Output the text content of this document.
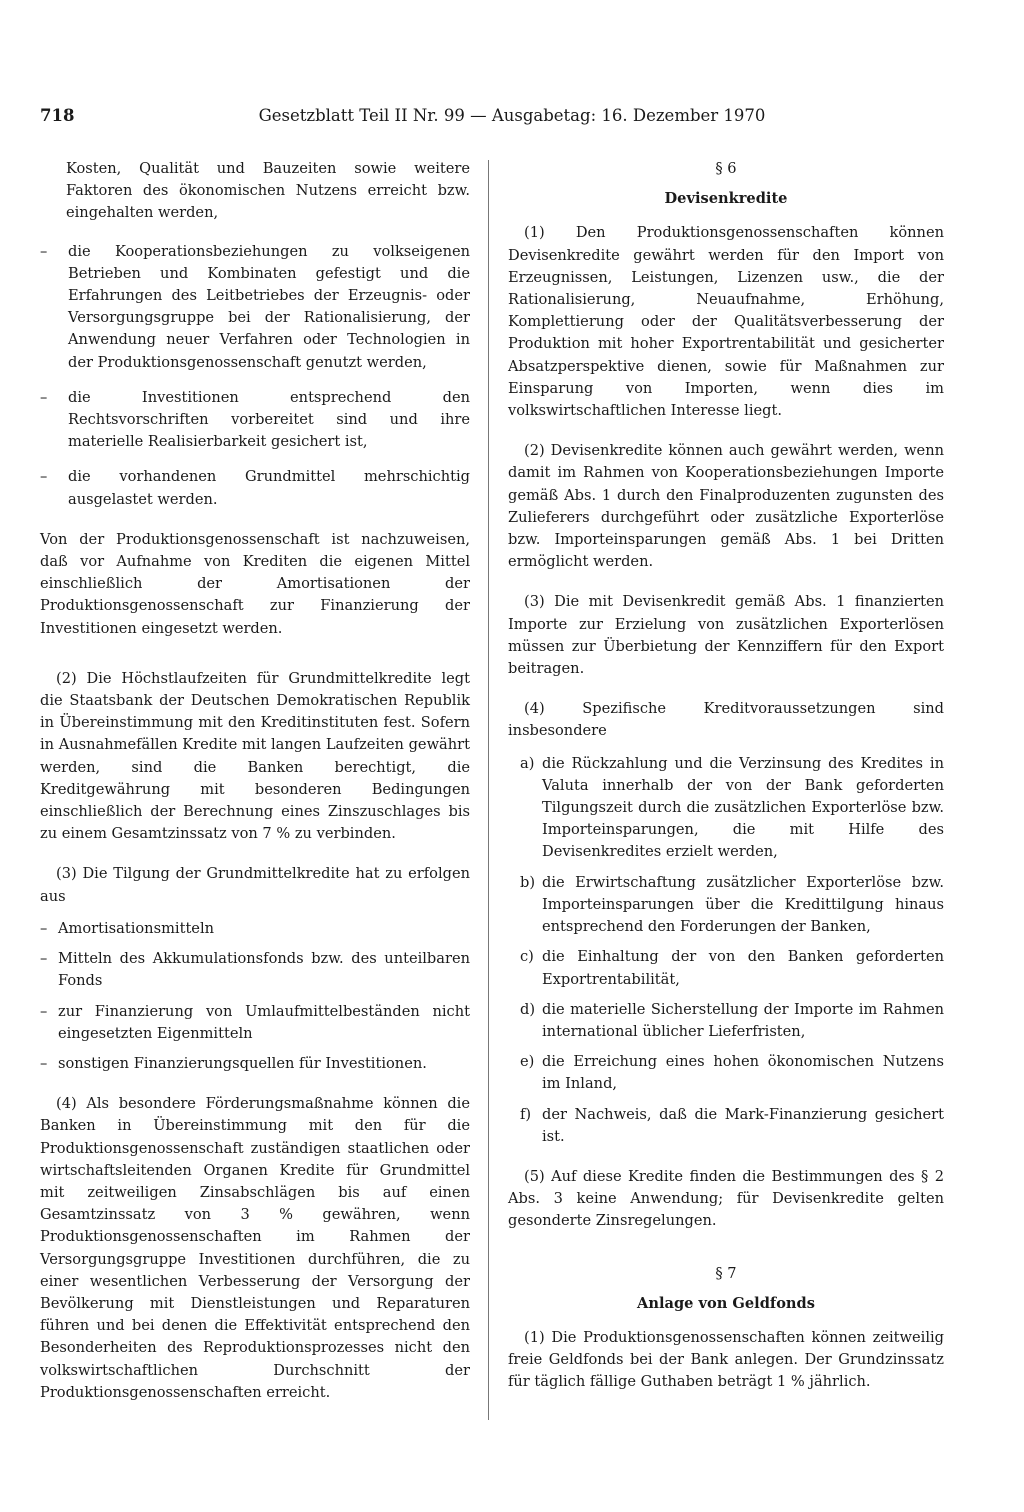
718	Gesetzblatt Teil II Nr. 99 — Ausgabetag: 16. Dezember 1970

Kosten, Qualität und Bauzeiten sowie weitere Faktoren des ökonomischen Nutzens erreicht bzw. eingehalten werden,

– die Kooperationsbeziehungen zu volkseigenen Betrieben und Kombinaten gefestigt und die Erfahrungen des Leitbetriebes der Erzeugnis- oder Versorgungsgruppe bei der Rationalisierung, der Anwendung neuer Verfahren oder Technologien in der Produktionsgenossenschaft genutzt werden,

– die Investitionen entsprechend den Rechtsvorschriften vorbereitet sind und ihre materielle Realisierbarkeit gesichert ist,

– die vorhandenen Grundmittel mehrschichtig ausgelastet werden.

Von der Produktionsgenossenschaft ist nachzuweisen, daß vor Aufnahme von Krediten die eigenen Mittel einschließlich der Amortisationen der Produktionsgenossenschaft zur Finanzierung der Investitionen eingesetzt werden.

(2) Die Höchstlaufzeiten für Grundmittelkredite legt die Staatsbank der Deutschen Demokratischen Republik in Übereinstimmung mit den Kreditinstituten fest. Sofern in Ausnahmefällen Kredite mit langen Laufzeiten gewährt werden, sind die Banken berechtigt, die Kreditgewährung mit besonderen Bedingungen einschließlich der Berechnung eines Zinszuschlages bis zu einem Gesamtzinssatz von 7 % zu verbinden.

(3) Die Tilgung der Grundmittelkredite hat zu erfolgen aus

– Amortisationsmitteln

– Mitteln des Akkumulationsfonds bzw. des unteilbaren Fonds

– zur Finanzierung von Umlaufmittelbeständen nicht eingesetzten Eigenmitteln

– sonstigen Finanzierungsquellen für Investitionen.

(4) Als besondere Förderungsmaßnahme können die Banken in Übereinstimmung mit den für die Produktionsgenossenschaft zuständigen staatlichen oder wirtschaftsleitenden Organen Kredite für Grundmittel mit zeitweiligen Zinsabschlägen bis auf einen Gesamtzinssatz von 3 % gewähren, wenn Produktionsgenossenschaften im Rahmen der Versorgungsgruppe Investitionen durchführen, die zu einer wesentlichen Verbesserung der Versorgung der Bevölkerung mit Dienstleistungen und Reparaturen führen und bei denen die Effektivität entsprechend den Besonderheiten des Reproduktionsprozesses nicht den volkswirtschaftlichen Durchschnitt der Produktionsgenossenschaften erreicht.

§ 6
Devisenkredite

(1) Den Produktionsgenossenschaften können Devisenkredite gewährt werden für den Import von Erzeugnissen, Leistungen, Lizenzen usw., die der Rationalisierung, Neuaufnahme, Erhöhung, Komplettierung oder der Qualitätsverbesserung der Produktion mit hoher Exportrentabilität und gesicherter Absatzperspektive dienen, sowie für Maßnahmen zur Einsparung von Importen, wenn dies im volkswirtschaftlichen Interesse liegt.

(2) Devisenkredite können auch gewährt werden, wenn damit im Rahmen von Kooperationsbeziehungen Importe gemäß Abs. 1 durch den Finalproduzenten zugunsten des Zulieferers durchgeführt oder zusätzliche Exporterlöse bzw. Importeinsparungen gemäß Abs. 1 bei Dritten ermöglicht werden.

(3) Die mit Devisenkredit gemäß Abs. 1 finanzierten Importe zur Erzielung von zusätzlichen Exporterlösen müssen zur Überbietung der Kennziffern für den Export beitragen.

(4) Spezifische Kreditvoraussetzungen sind insbesondere

a) die Rückzahlung und die Verzinsung des Kredites in Valuta innerhalb der von der Bank geforderten Tilgungszeit durch die zusätzlichen Exporterlöse bzw. Importeinsparungen, die mit Hilfe des Devisenkredites erzielt werden,

b) die Erwirtschaftung zusätzlicher Exporterlöse bzw. Importeinsparungen über die Kredittilgung hinaus entsprechend den Forderungen der Banken,

c) die Einhaltung der von den Banken geforderten Exportrentabilität,

d) die materielle Sicherstellung der Importe im Rahmen international üblicher Lieferfristen,

e) die Erreichung eines hohen ökonomischen Nutzens im Inland,

f) der Nachweis, daß die Mark-Finanzierung gesichert ist.

(5) Auf diese Kredite finden die Bestimmungen des § 2 Abs. 3 keine Anwendung; für Devisenkredite gelten gesonderte Zinsregelungen.

§ 7
Anlage von Geldfonds

(1) Die Produktionsgenossenschaften können zeitweilig freie Geldfonds bei der Bank anlegen. Der Grundzinssatz für täglich fällige Guthaben beträgt 1 % jährlich.
